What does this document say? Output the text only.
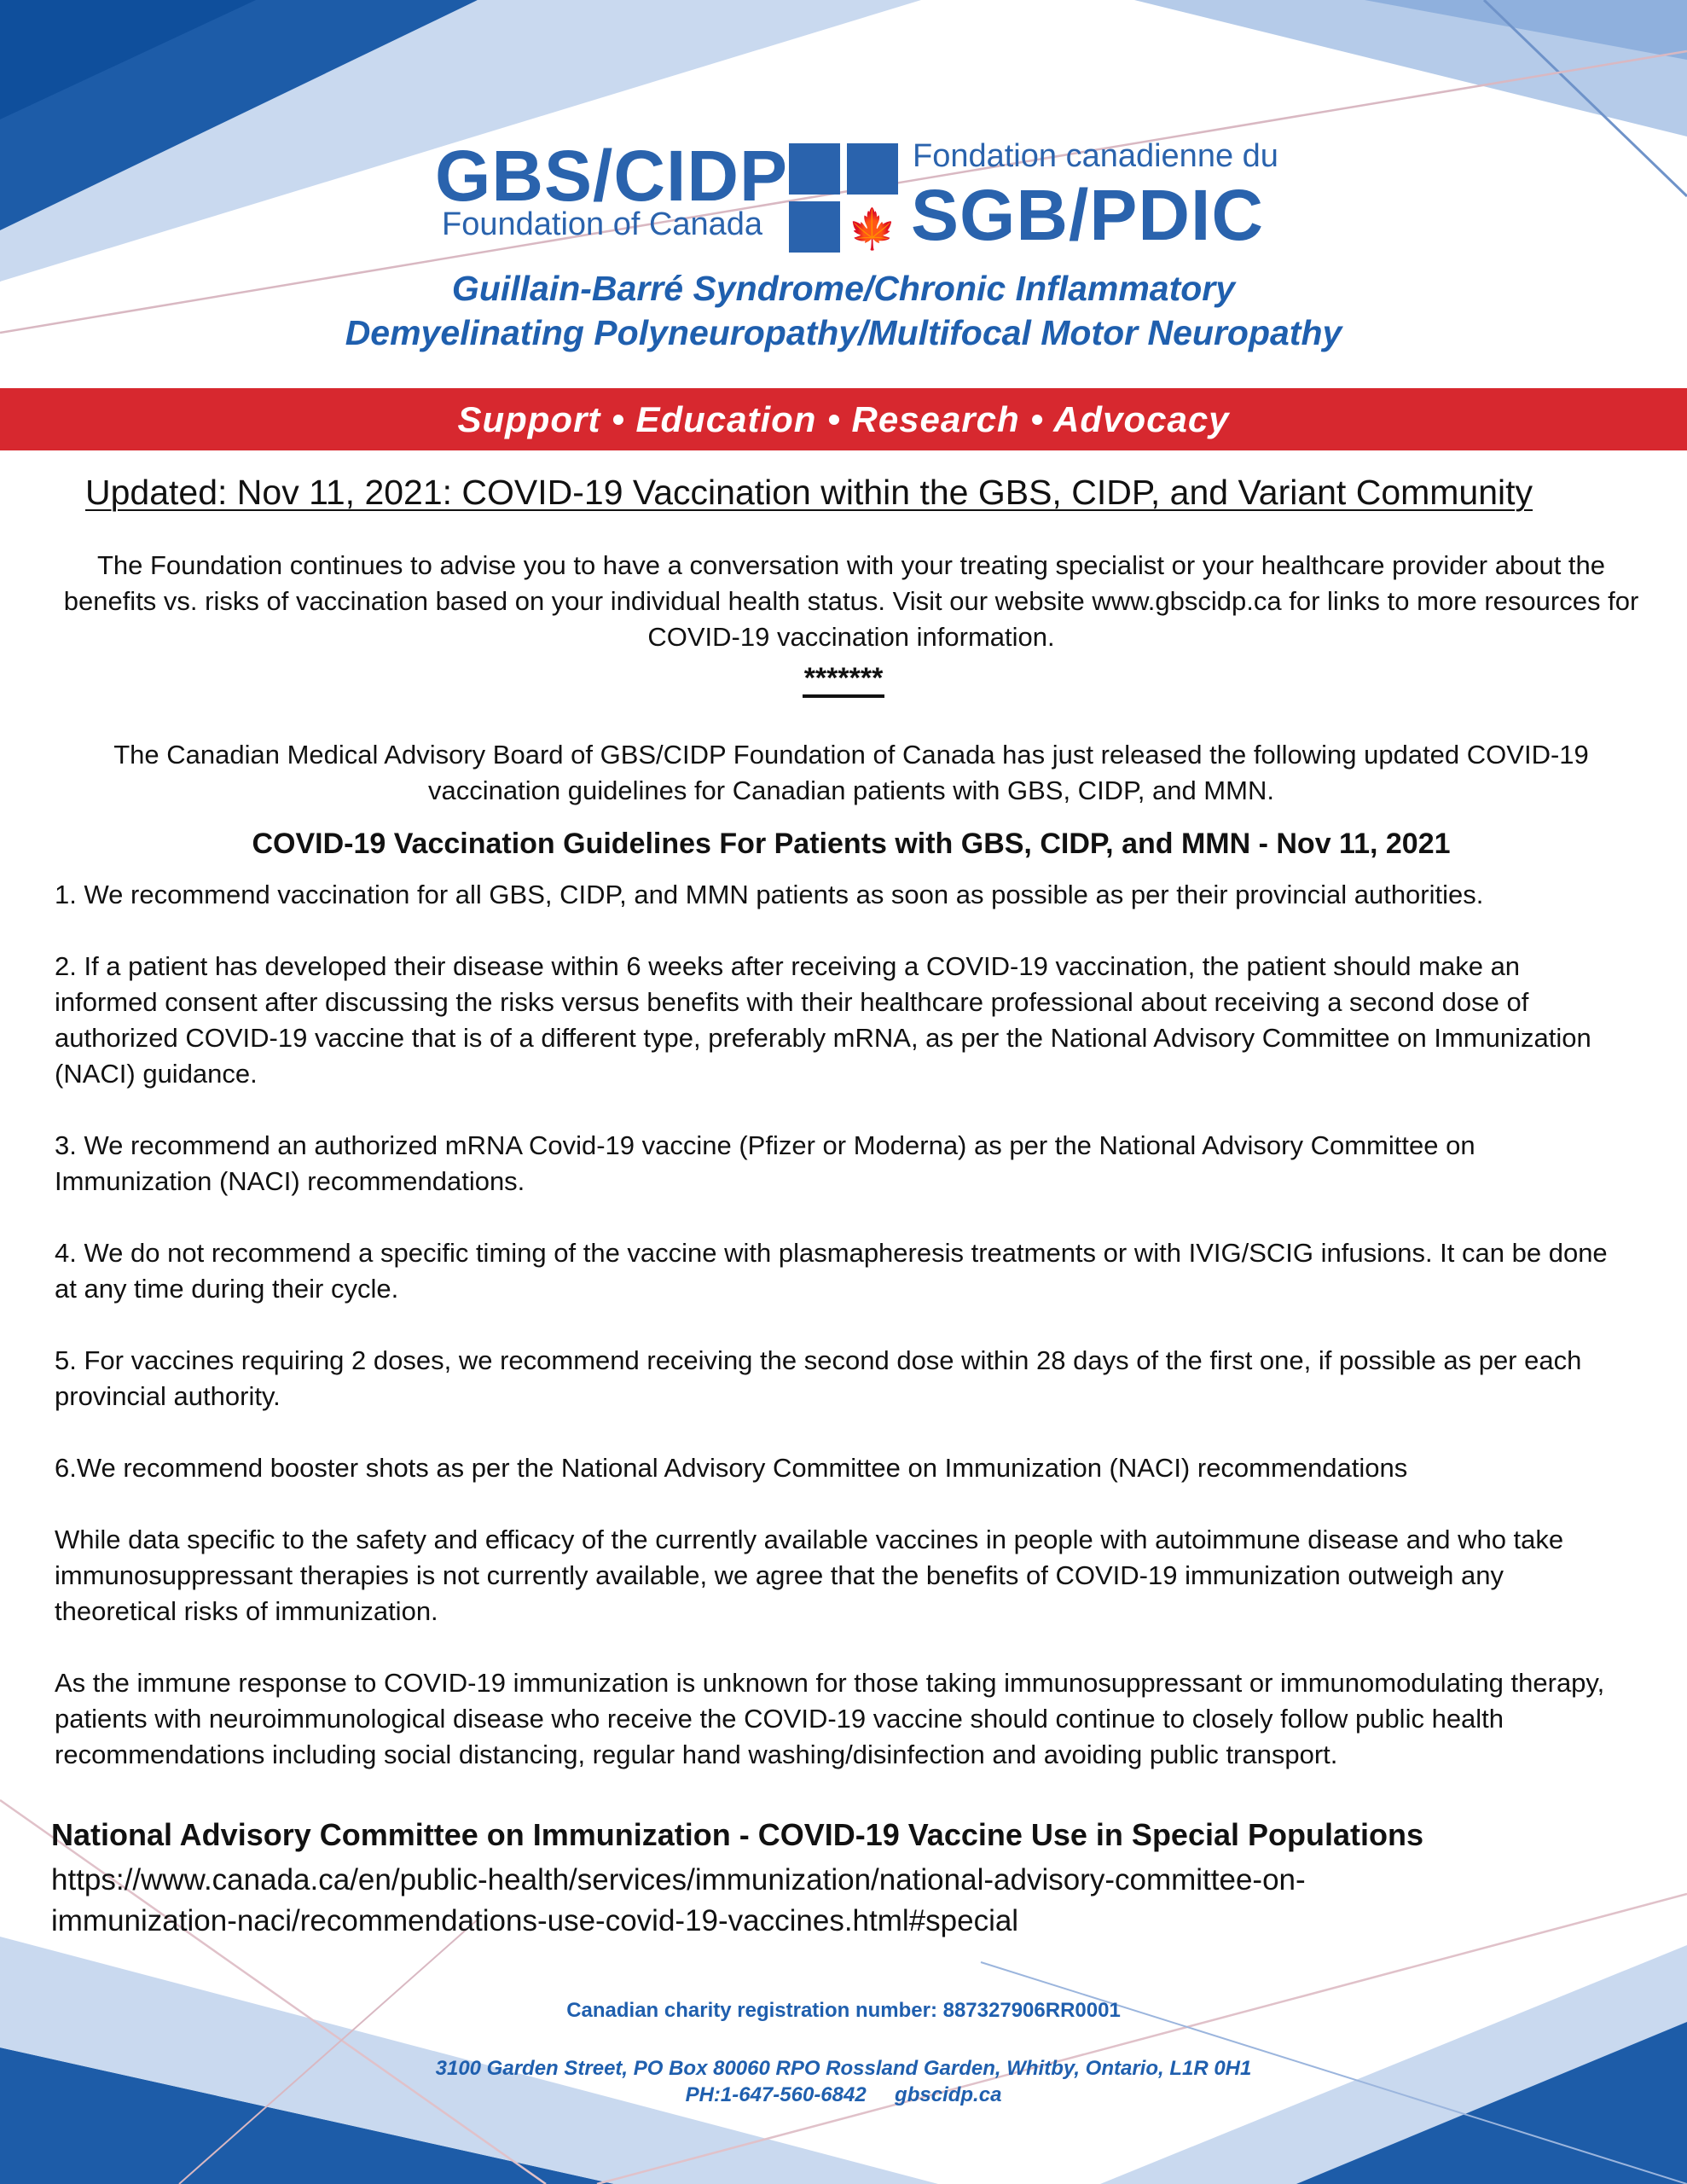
GBS/CIDP
Foundation of Canada 🍁
Fondation canadienne du
SGB/PDIC
Guillain-Barré Syndrome/Chronic Inflammatory
Demyelinating Polyneuropathy/Multifocal Motor Neuropathy
Support • Education • Research • Advocacy
Updated: Nov 11, 2021: COVID-19 Vaccination within the GBS, CIDP, and Variant Community
The Foundation continues to advise you to have a conversation with your treating specialist or your healthcare provider about the benefits vs. risks of vaccination based on your individual health status. Visit our website www.gbscidp.ca for links to more resources for COVID-19 vaccination information.
*******
The Canadian Medical Advisory Board of GBS/CIDP Foundation of Canada has just released the following updated COVID-19 vaccination guidelines for Canadian patients with GBS, CIDP, and MMN.
COVID-19 Vaccination Guidelines For Patients with GBS, CIDP, and MMN - Nov 11, 2021

1. We recommend vaccination for all GBS, CIDP, and MMN patients as soon as possible as per their provincial authorities.

2. If a patient has developed their disease within 6 weeks after receiving a COVID-19 vaccination, the patient should make an informed consent after discussing the risks versus benefits with their healthcare professional about receiving a second dose of authorized COVID-19 vaccine that is of a different type, preferably mRNA, as per the National Advisory Committee on Immunization (NACI) guidance.

3. We recommend an authorized mRNA Covid-19 vaccine (Pfizer or Moderna) as per the National Advisory Committee on Immunization (NACI) recommendations.

4. We do not recommend a specific timing of the vaccine with plasmapheresis treatments or with IVIG/SCIG infusions. It can be done at any time during their cycle.

5. For vaccines requiring 2 doses, we recommend receiving the second dose within 28 days of the first one, if possible as per each provincial authority.

6.We recommend booster shots as per the National Advisory Committee on Immunization (NACI) recommendations

While data specific to the safety and efficacy of the currently available vaccines in people with autoimmune disease and who take immunosuppressant therapies is not currently available, we agree that the benefits of COVID-19 immunization outweigh any theoretical risks of immunization.

As the immune response to COVID-19 immunization is unknown for those taking immunosuppressant or immunomodulating therapy, patients with neuroimmunological disease who receive the COVID-19 vaccine should continue to closely follow public health recommendations including social distancing, regular hand washing/disinfection and avoiding public transport.

National Advisory Committee on Immunization - COVID-19 Vaccine Use in Special Populations
https://www.canada.ca/en/public-health/services/immunization/national-advisory-committee-on-
immunization-naci/recommendations-use-covid-19-vaccines.html#special
Canadian charity registration number: 887327906RR0001
3100 Garden Street, PO Box 80060 RPO Rossland Garden, Whitby, Ontario, L1R 0H1
PH:1-647-560-6842 gbscidp.ca
